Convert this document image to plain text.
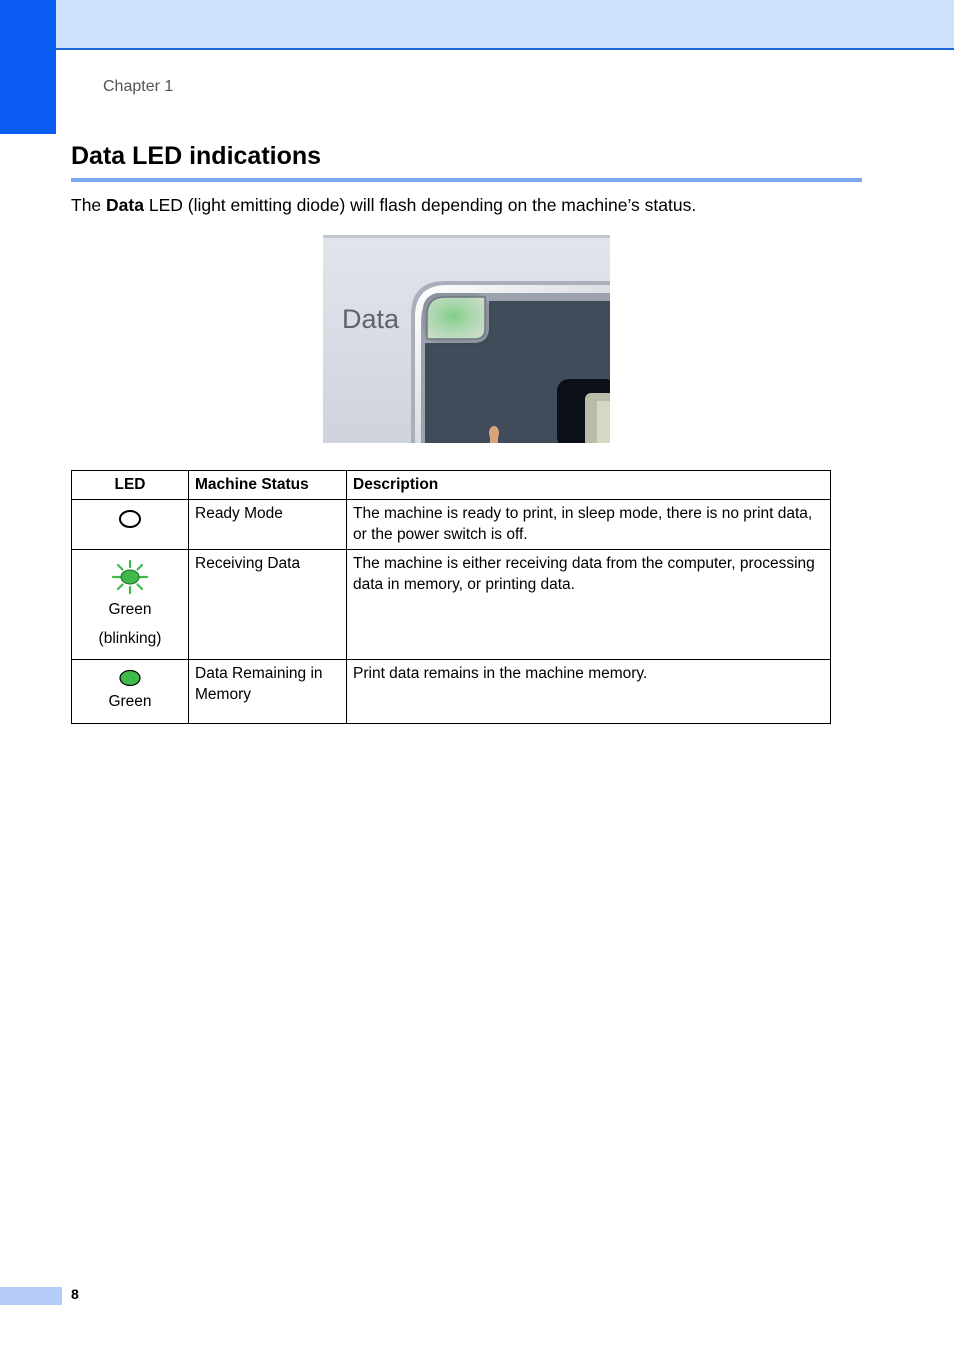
Chapter 1
Data LED indications

The Data LED (light emitting diode) will flash depending on the machine’s status.

Data
LED	Machine Status	Description

	Ready Mode	The machine is ready to print, in sleep mode, there is no print data, or the power switch is off.

Green
(blinking)	Receiving Data	The machine is either receiving data from the computer, processing data in memory, or printing data.

Green	Data Remaining in Memory	Print data remains in the machine memory.
8
